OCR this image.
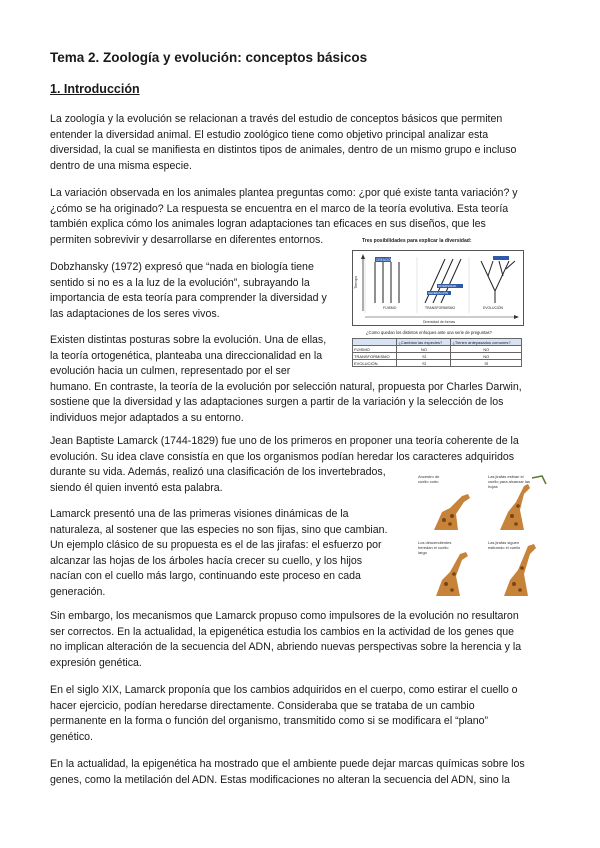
Tema 2. Zoología y evolución: conceptos básicos
1. Introducción
La zoología y la evolución se relacionan a través del estudio de conceptos básicos que permiten
entender la diversidad animal. El estudio zoológico tiene como objetivo principal analizar esta
diversidad, la cual se manifiesta en distintos tipos de animales, dentro de un mismo grupo e incluso
dentro de una misma especie.
La variación observada en los animales plantea preguntas como: ¿por qué existe tanta variación? y
¿cómo se ha originado? La respuesta se encuentra en el marco de la teoría evolutiva. Esta teoría
también explica cómo los animales logran adaptaciones tan eficaces en sus diseños, que les
permiten sobrevivir y desarrollarse en diferentes entornos.
Dobzhansky (1972) expresó que “nada en biología tiene
sentido si no es a la luz de la evolución”, subrayando la
importancia de esta teoría para comprender la diversidad y
las adaptaciones de los seres vivos.
Existen distintas posturas sobre la evolución. Una de ellas,
la teoría ortogenética, planteaba una direccionalidad en la
evolución hacia un culmen, representado por el ser
humano. En contraste, la teoría de la evolución por selección natural, propuesta por Charles Darwin,
sostiene que la diversidad y las adaptaciones surgen a partir de la variación y la selección de los
individuos mejor adaptados a su entorno.
Jean Baptiste Lamarck (1744-1829) fue uno de los primeros en proponer una teoría coherente de la
evolución. Su idea clave consistía en que los organismos podían heredar los caracteres adquiridos
durante su vida. Además, realizó una clasificación de los invertebrados,
siendo él quien inventó esta palabra.
Lamarck presentó una de las primeras visiones dinámicas de la
naturaleza, al sostener que las especies no son fijas, sino que cambian.
Un ejemplo clásico de su propuesta es el de las jirafas: el esfuerzo por
alcanzar las hojas de los árboles hacía crecer su cuello, y los hijos
nacían con el cuello más largo, continuando este proceso en cada
generación.
Sin embargo, los mecanismos que Lamarck propuso como impulsores de la evolución no resultaron
ser correctos. En la actualidad, la epigenética estudia los cambios en la actividad de los genes que
no implican alteración de la secuencia del ADN, abriendo nuevas perspectivas sobre la herencia y la
expresión genética.
En el siglo XIX, Lamarck proponía que los cambios adquiridos en el cuerpo, como estirar el cuello o
hacer ejercicio, podían heredarse directamente. Consideraba que se trataba de un cambio
permanente en la forma o función del organismo, transmitido como si se modificara el “plano”
genético.
En la actualidad, la epigenética ha mostrado que el ambiente puede dejar marcas químicas sobre los
genes, como la metilación del ADN. Estas modificaciones no alteran la secuencia del ADN, sino la
Tres posibilidades para explicar la diversidad:
Tiempo
CREACIÓN
FIJISMO
DIVERSIDAD
GENERACIÓN
TRANSFORMISMO	EVOLUCIÓN
Diversidad de formas
¿Como quedan los distintos enfoques ante una serie de preguntas?
	¿Cambian las especies?	¿Tienen antepasados comunes?
FIJISMO	NO	NO
TRANSFORMISMO	SÍ	NO
EVOLUCIÓN	SÍ	SÍ
Ancestro de cuello corto
Las jirafas estiran el cuello para alcanzar las hojas
Los descendientes heredan el cuello largo
Las jirafas siguen estirando el cuello
